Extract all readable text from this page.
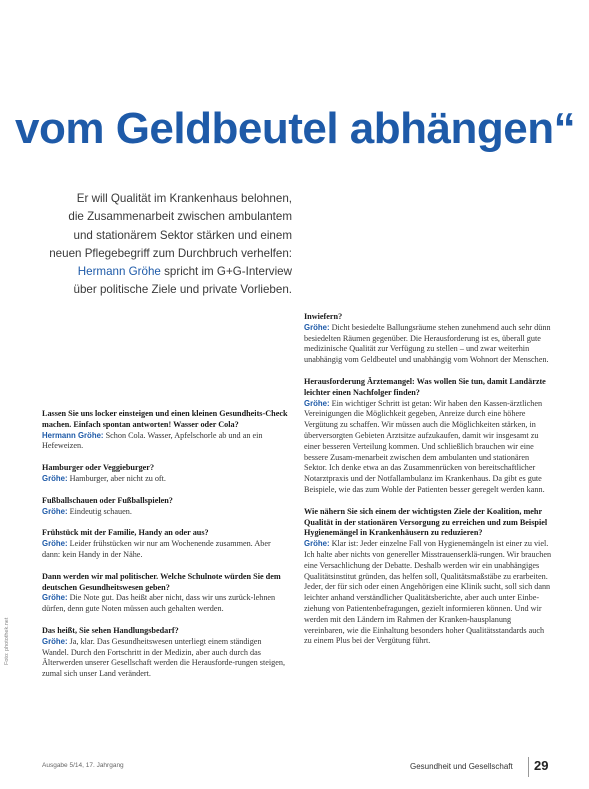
vom Geldbeutel abhängen“
Er will Qualität im Krankenhaus belohnen,
die Zusammenarbeit zwischen ambulantem
und stationärem Sektor stärken und einem
neuen Pflegebegriff zum Durchbruch verhelfen:
Hermann Gröhe spricht im G+G-Interview
über politische Ziele und private Vorlieben.
Lassen Sie uns locker einsteigen und einen kleinen Gesundheits-Check machen. Einfach spontan antworten! Wasser oder Cola?
Hermann Gröhe: Schon Cola. Wasser, Apfelschorle ab und an ein Hefeweizen.
Hamburger oder Veggieburger?
Gröhe: Hamburger, aber nicht zu oft.
Fußballschauen oder Fußballspielen?
Gröhe: Eindeutig schauen.
Frühstück mit der Familie, Handy an oder aus?
Gröhe: Leider frühstücken wir nur am Wochenende zusammen. Aber dann: kein Handy in der Nähe.
Dann werden wir mal politischer. Welche Schulnote würden Sie dem deutschen Gesundheitswesen geben?
Gröhe: Die Note gut. Das heißt aber nicht, dass wir uns zurück-lehnen dürfen, denn gute Noten müssen auch gehalten werden.
Das heißt, Sie sehen Handlungsbedarf?
Gröhe: Ja, klar. Das Gesundheitswesen unterliegt einem ständigen Wandel. Durch den Fortschritt in der Medizin, aber auch durch das Älterwerden unserer Gesellschaft werden die Herausforde-rungen steigen, zumal sich unser Land verändert.
Inwiefern?
Gröhe: Dicht besiedelte Ballungsräume stehen zunehmend auch sehr dünn besiedelten Räumen gegenüber. Die Herausforderung ist es, überall gute medizinische Qualität zur Verfügung zu stellen – und zwar weiterhin unabhängig vom Geldbeutel und unabhängig vom Wohnort der Menschen.
Herausforderung Ärztemangel: Was wollen Sie tun, damit Landärzte leichter einen Nachfolger finden?
Gröhe: Ein wichtiger Schritt ist getan: Wir haben den Kassen-ärztlichen Vereinigungen die Möglichkeit gegeben, Anreize durch eine höhere Vergütung zu schaffen. Wir müssen auch die Möglichkeiten stärken, in überversorgten Gebieten Arztsitze aufzukaufen, damit wir insgesamt zu einer besseren Verteilung kommen. Und schließlich brauchen wir eine bessere Zusam-menarbeit zwischen dem ambulanten und stationären Sektor. Ich denke etwa an das Zusammenrücken von bereitschaftlicher Notarztpraxis und der Notfallambulanz im Krankenhaus. Da gibt es gute Beispiele, wie das zum Wohle der Patienten besser geregelt werden kann.
Wie nähern Sie sich einem der wichtigsten Ziele der Koalition, mehr Qualität in der stationären Versorgung zu erreichen und zum Beispiel Hygienemängel in Krankenhäusern zu reduzieren?
Gröhe: Klar ist: Jeder einzelne Fall von Hygienemängeln ist einer zu viel. Ich halte aber nichts von genereller Misstrauenserklä-rungen. Wir brauchen eine Versachlichung der Debatte. Deshalb werden wir ein unabhängiges Qualitätsinstitut gründen, das helfen soll, Qualitätsmaßstäbe zu erarbeiten. Jeder, der für sich oder einen Angehörigen eine Klinik sucht, soll sich dann leichter anhand verständlicher Qualitätsberichte, aber auch unter Einbe-ziehung von Patientenbefragungen, gezielt informieren können. Und wir werden mit den Ländern im Rahmen der Kranken-hausplanung vereinbaren, wie die Einhaltung besonders hoher Qualitätsstandards auch zu einem Plus bei der Vergütung führt.
Foto: photothek.net
Ausgabe 5/14, 17. Jahrgang	Gesundheit und Gesellschaft 29
